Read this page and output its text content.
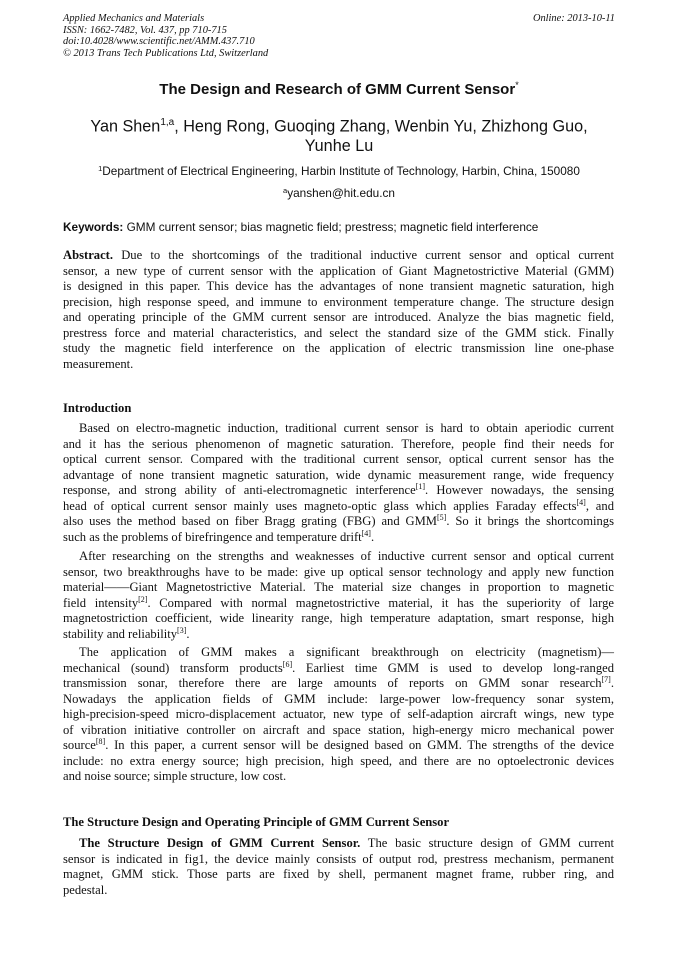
Applied Mechanics and Materials
ISSN: 1662-7482, Vol. 437, pp 710-715
doi:10.4028/www.scientific.net/AMM.437.710
© 2013 Trans Tech Publications Ltd, Switzerland
Online: 2013-10-11
The Design and Research of GMM Current Sensor*
Yan Shen$^{1,a}$, Heng Rong, Guoqing Zhang, Wenbin Yu, Zhizhong Guo,
Yunhe Lu
$^1$Department of Electrical Engineering, Harbin Institute of Technology, Harbin, China, 150080
$^a$yanshen@hit.edu.cn
Keywords: GMM current sensor; bias magnetic field; prestress; magnetic field interference
Abstract. Due to the shortcomings of the traditional inductive current sensor and optical current
sensor, a new type of current sensor with the application of Giant Magnetostrictive Material (GMM)
is designed in this paper. This device has the advantages of none transient magnetic saturation, high
precision, high response speed, and immune to environment temperature change. The structure design
and operating principle of the GMM current sensor are introduced. Analyze the bias magnetic field,
prestress force and material characteristics, and select the standard size of the GMM stick. Finally
study the magnetic field interference on the application of electric transmission line one-phase
measurement.
Introduction
Based on electro-magnetic induction, traditional current sensor is hard to obtain aperiodic current
and it has the serious phenomenon of magnetic saturation. Therefore, people find their needs for
optical current sensor. Compared with the traditional current sensor, optical current sensor has the
advantage of none transient magnetic saturation, wide dynamic measurement range, wide frequency
response, and strong ability of anti-electromagnetic interference[1]. However nowadays, the sensing
head of optical current sensor mainly uses magneto-optic glass which applies Faraday effects[4], and
also uses the method based on fiber Bragg grating (FBG) and GMM[5]. So it brings the shortcomings
such as the problems of birefringence and temperature drift[4].
After researching on the strengths and weaknesses of inductive current sensor and optical current
sensor, two breakthroughs have to be made: give up optical sensor technology and apply new function
material——Giant Magnetostrictive Material. The material size changes in proportion to magnetic
field intensity[2]. Compared with normal magnetostrictive material, it has the superiority of large
magnetostriction coefficient, wide linearity range, high temperature adaptation, smart response, high
stability and reliability[3].
The application of GMM makes a significant breakthrough on electricity (magnetism)—
mechanical (sound) transform products[6]. Earliest time GMM is used to develop long-ranged
transmission sonar, therefore there are large amounts of reports on GMM sonar research[7].
Nowadays the application fields of GMM include: large-power low-frequency sonar system,
high-precision-speed micro-displacement actuator, new type of self-adaption aircraft wings, new type
of vibration initiative controller on aircraft and space station, high-energy micro mechanical power
source[8]. In this paper, a current sensor will be designed based on GMM. The strengths of the device
include: no extra energy source; high precision, high speed, and there are no optoelectronic devices
and noise source; simple structure, low cost.
The Structure Design and Operating Principle of GMM Current Sensor
The Structure Design of GMM Current Sensor. The basic structure design of GMM current
sensor is indicated in fig1, the device mainly consists of output rod, prestress mechanism, permanent
magnet, GMM stick. Those parts are fixed by shell, permanent magnet frame, rubber ring, and
pedestal.
